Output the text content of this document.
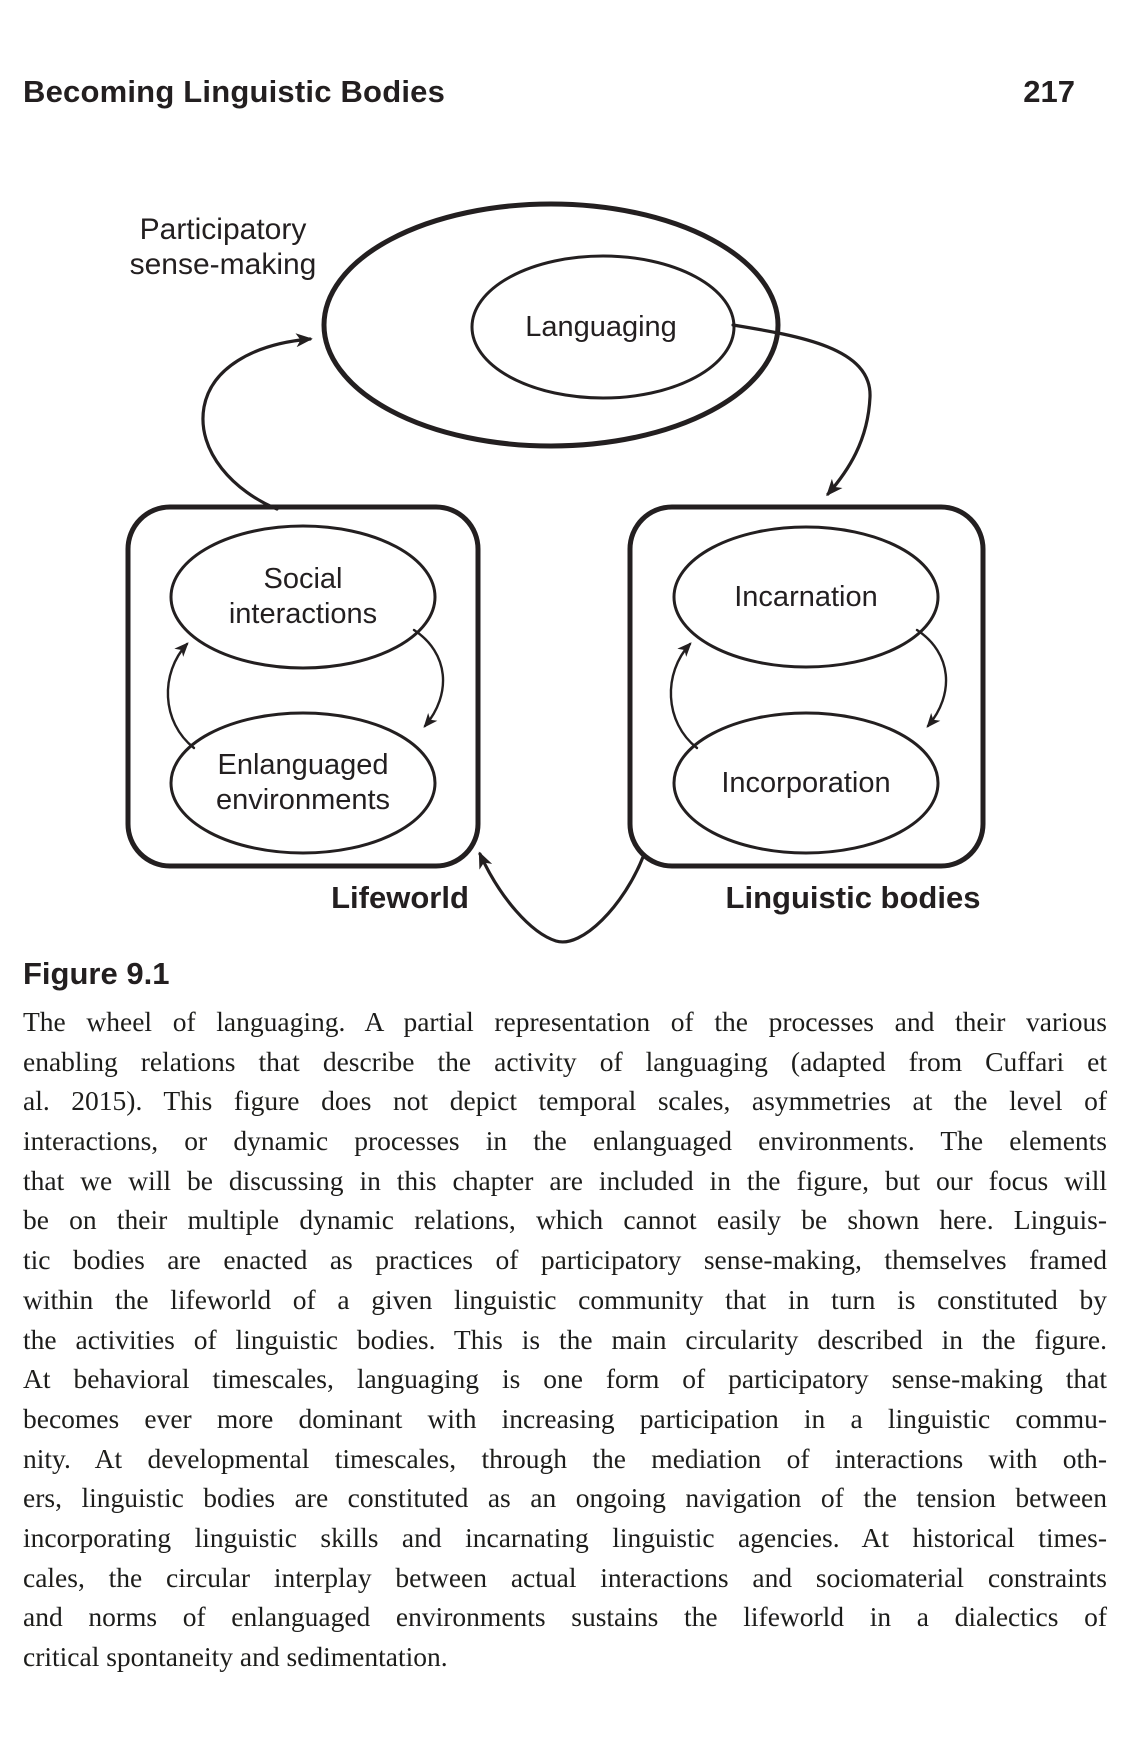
Becoming Linguistic Bodies	217
Participatory
sense-making
Languaging
Social
interactions
Enlanguaged
environments
Incarnation
Incorporation
Lifeworld	Linguistic bodies
Figure 9.1
The wheel of languaging. A partial representation of the processes and their various
enabling relations that describe the activity of languaging (adapted from Cuffari et
al. 2015). This figure does not depict temporal scales, asymmetries at the level of
interactions, or dynamic processes in the enlanguaged environments. The elements
that we will be discussing in this chapter are included in the figure, but our focus will
be on their multiple dynamic relations, which cannot easily be shown here. Linguis-
tic bodies are enacted as practices of participatory sense-making, themselves framed
within the lifeworld of a given linguistic community that in turn is constituted by
the activities of linguistic bodies. This is the main circularity described in the figure.
At behavioral timescales, languaging is one form of participatory sense-making that
becomes ever more dominant with increasing participation in a linguistic commu-
nity. At developmental timescales, through the mediation of interactions with oth-
ers, linguistic bodies are constituted as an ongoing navigation of the tension between
incorporating linguistic skills and incarnating linguistic agencies. At historical times-
cales, the circular interplay between actual interactions and sociomaterial constraints
and norms of enlanguaged environments sustains the lifeworld in a dialectics of
critical spontaneity and sedimentation.
